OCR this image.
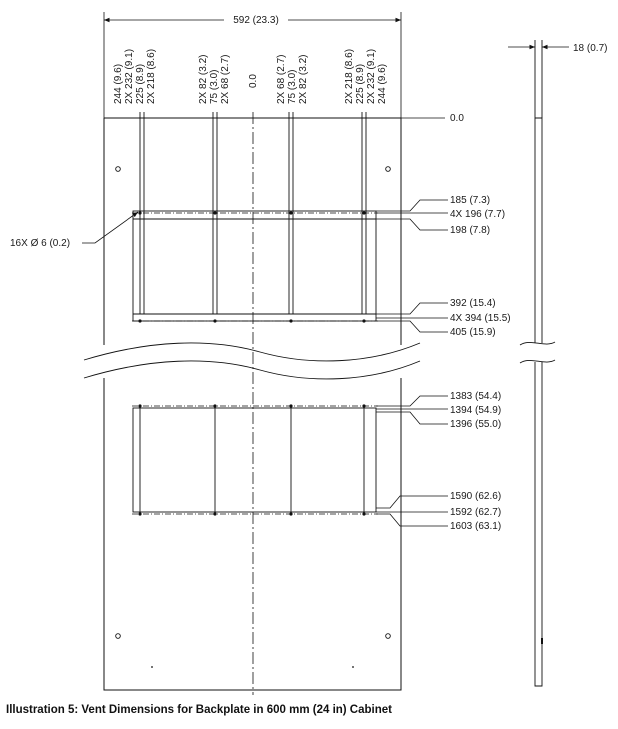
592 (23.3)
244 (9.6) 2X 232 (9.1) 225 (8.9) 2X 218 (8.6)	2X 82 (3.2) 75 (3.0) 2X 68 (2.7) 0.0 2X 68 (2.7) 75 (3.0) 2X 82 (3.2)	2X 218 (8.6) 225 (8.9) 2X 232 (9.1) 244 (9.6)
0.0
185 (7.3)
4X 196 (7.7)
198 (7.8)
392 (15.4)
4X 394 (15.5)
405 (15.9)
1383 (54.4)
1394 (54.9)
1396 (55.0)
1590 (62.6)
1592 (62.7)
1603 (63.1)
16X Ø 6 (0.2)
18 (0.7)
Illustration 5: Vent Dimensions for Backplate in 600 mm (24 in) Cabinet
